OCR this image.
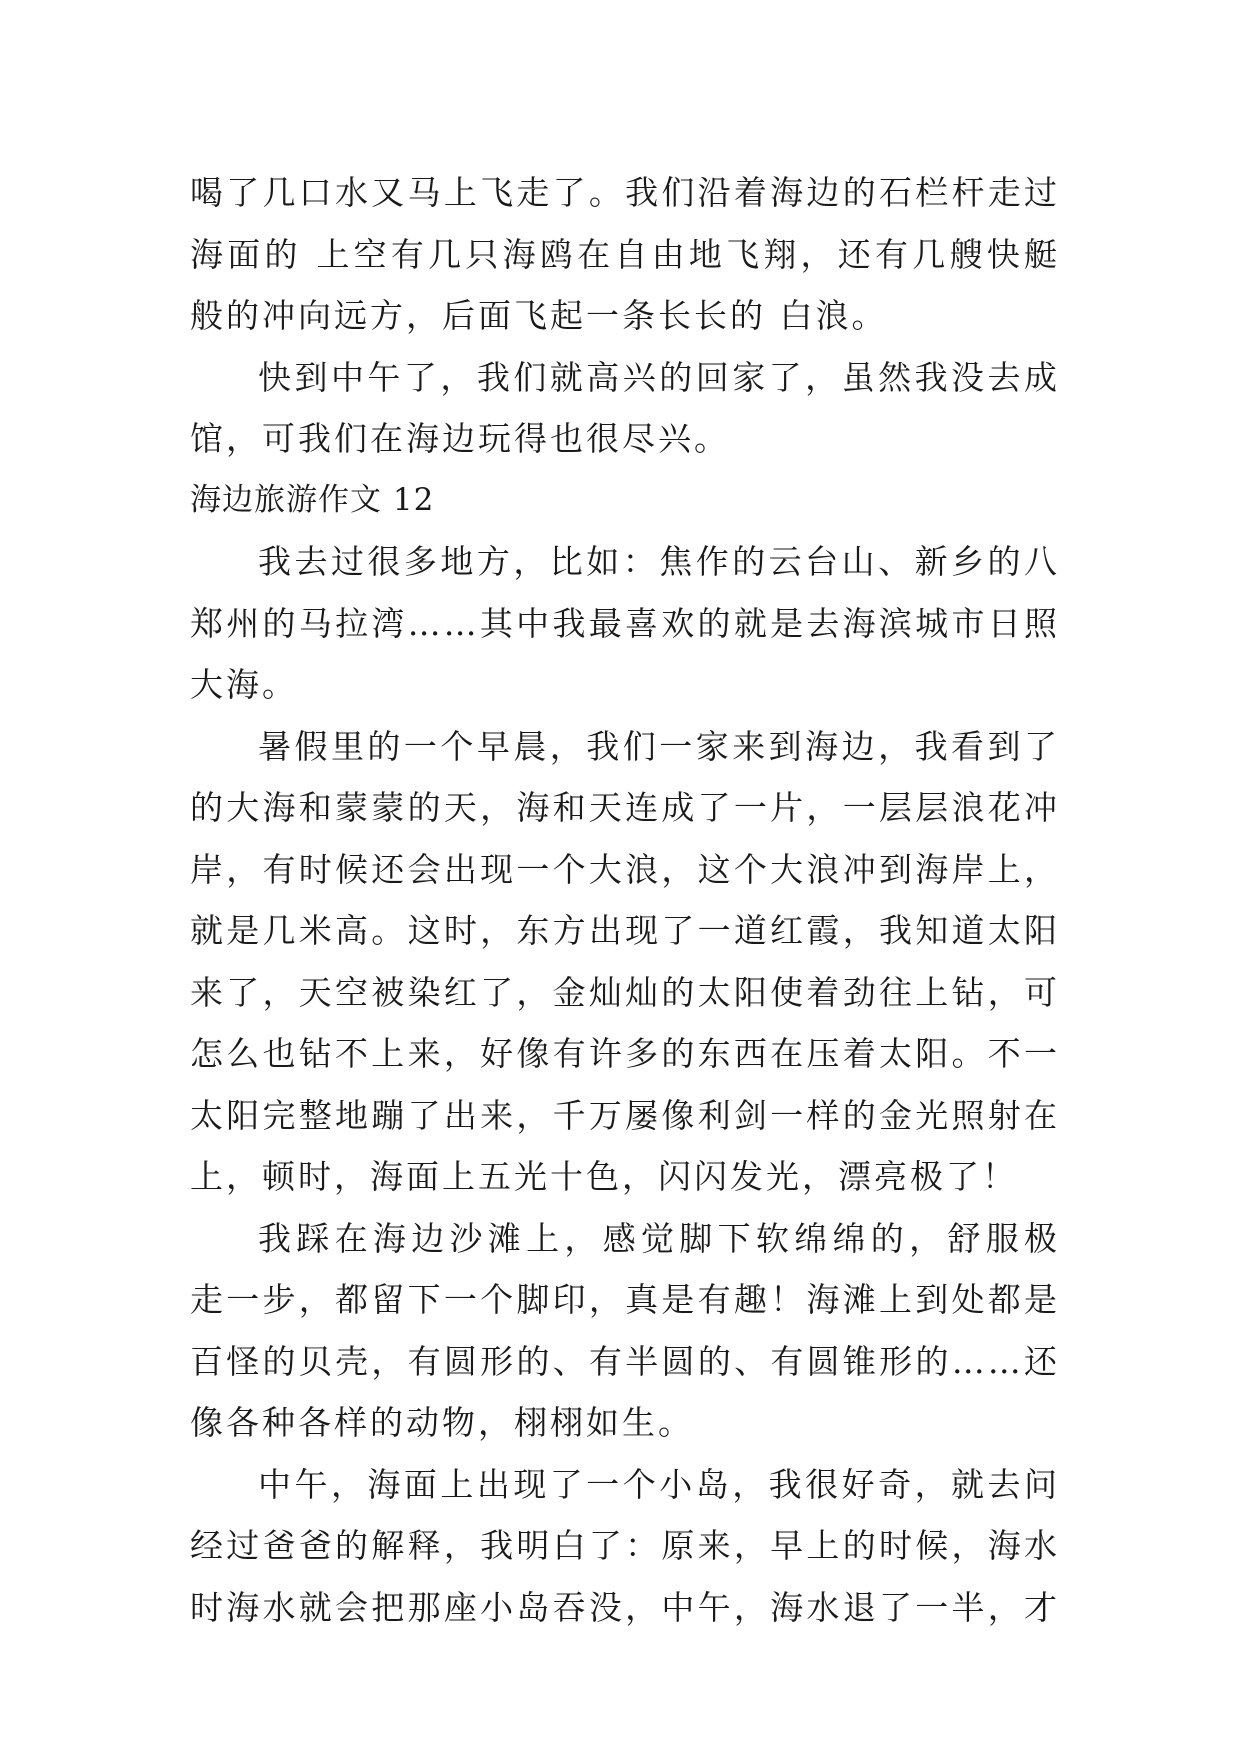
喝了几口水又马上飞走了。我们沿着海边的石栏杆走过
海面的 上空有几只海鸥在自由地飞翔，还有几艘快艇
般的冲向远方，后面飞起一条长长的 白浪。
快到中午了，我们就高兴的回家了，虽然我没去成
馆，可我们在海边玩得也很尽兴。
海边旅游作文 12
我去过很多地方，比如：焦作的云台山、新乡的八
郑州的马拉湾……其中我最喜欢的就是去海滨城市日照
大海。
暑假里的一个早晨，我们一家来到海边，我看到了
的大海和蒙蒙的天，海和天连成了一片，一层层浪花冲
岸，有时候还会出现一个大浪，这个大浪冲到海岸上，
就是几米高。这时，东方出现了一道红霞，我知道太阳
来了，天空被染红了，金灿灿的太阳使着劲往上钻，可
怎么也钻不上来，好像有许多的东西在压着太阳。不一
太阳完整地蹦了出来，千万屡像利剑一样的金光照射在
上，顿时，海面上五光十色，闪闪发光，漂亮极了！
我踩在海边沙滩上，感觉脚下软绵绵的，舒服极
走一步，都留下一个脚印，真是有趣！海滩上到处都是
百怪的贝壳，有圆形的、有半圆的、有圆锥形的……还
像各种各样的动物，栩栩如生。
中午，海面上出现了一个小岛，我很好奇，就去问
经过爸爸的解释，我明白了：原来，早上的时候，海水
时海水就会把那座小岛吞没，中午，海水退了一半，才
